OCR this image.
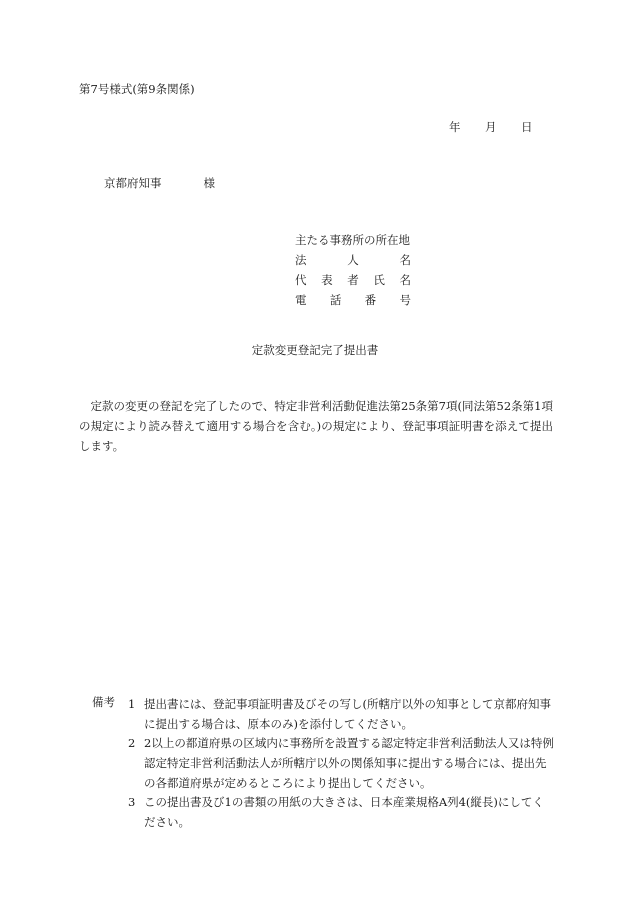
第7号様式(第9条関係)
年 月 日
京都府知事	様
主たる事務所の所在地
法	人	名
代 表 者 氏 名
電 話 番 号
定款変更登記完了提出書
定款の変更の登記を完了したので、特定非営利活動促進法第25条第7項(同法第52条第1項の規定により読み替えて適用する場合を含む。)の規定により、登記事項証明書を添えて提出します。
備考 1 提出書には、登記事項証明書及びその写し(所轄庁以外の知事として京都府知事に提出する場合は、原本のみ)を添付してください。
2 2以上の都道府県の区域内に事務所を設置する認定特定非営利活動法人又は特例認定特定非営利活動法人が所轄庁以外の関係知事に提出する場合には、提出先の各都道府県が定めるところにより提出してください。
3 この提出書及び1の書類の用紙の大きさは、日本産業規格A列4(縦長)にしてください。
